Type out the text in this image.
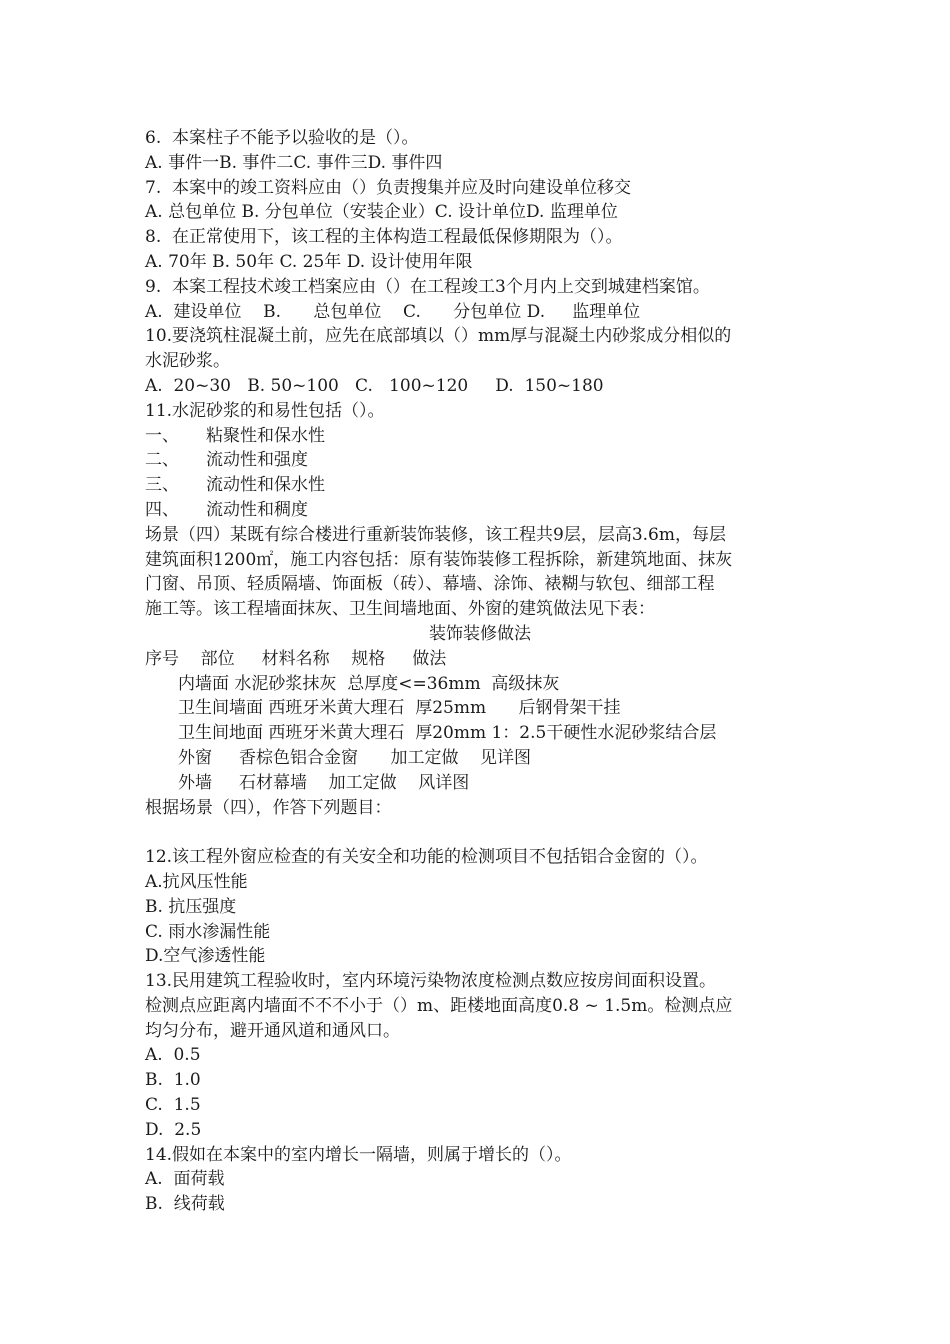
6.  本案柱子不能予以验收的是（）。
A. 事件一B. 事件二C. 事件三D. 事件四
7.  本案中的竣工资料应由（）负责搜集并应及时向建设单位移交
A. 总包单位 B. 分包单位（安装企业）C. 设计单位D. 监理单位
8.  在正常使用下，该工程的主体构造工程最低保修期限为（）。
A. 70年 B. 50年 C. 25年 D. 设计使用年限
9.  本案工程技术竣工档案应由（）在工程竣工3个月内上交到城建档案馆。
A.  建设单位    B.      总包单位    C.      分包单位 D.     监理单位
10.要浇筑柱混凝土前，应先在底部填以（）mm厚与混凝土内砂浆成分相似的
水泥砂浆。
A.  20~30   B. 50~100   C.   100~120     D.  150~180
11.水泥砂浆的和易性包括（）。
一、     粘聚性和保水性
二、     流动性和强度
三、     流动性和保水性
四、     流动性和稠度
场景（四）某既有综合楼进行重新装饰装修，该工程共9层，层高3.6m，每层
建筑面积1200㎡，施工内容包括：原有装饰装修工程拆除，新建筑地面、抹灰
门窗、吊顶、轻质隔墙、饰面板（砖）、幕墙、涂饰、裱糊与软包、细部工程
施工等。该工程墙面抹灰、卫生间墙地面、外窗的建筑做法见下表：
装饰装修做法
序号    部位     材料名称    规格     做法
内墙面 水泥砂浆抹灰  总厚度<=36mm  高级抹灰
卫生间墙面 西班牙米黄大理石  厚25mm      后钢骨架干挂
卫生间地面 西班牙米黄大理石  厚20mm 1：2.5干硬性水泥砂浆结合层
外窗     香棕色铝合金窗      加工定做    见详图
外墙     石材幕墙    加工定做    风详图
根据场景（四），作答下列题目：
12.该工程外窗应检查的有关安全和功能的检测项目不包括铝合金窗的（）。
A.抗风压性能
B. 抗压强度
C. 雨水渗漏性能
D.空气渗透性能
13.民用建筑工程验收时，室内环境污染物浓度检测点数应按房间面积设置。
检测点应距离内墙面不不不小于（）m、距楼地面高度0.8 ~ 1.5m。检测点应
均匀分布，避开通风道和通风口。
A.  0.5
B.  1.0
C.  1.5
D.  2.5
14.假如在本案中的室内增长一隔墙，则属于增长的（）。
A.  面荷载
B.  线荷载
